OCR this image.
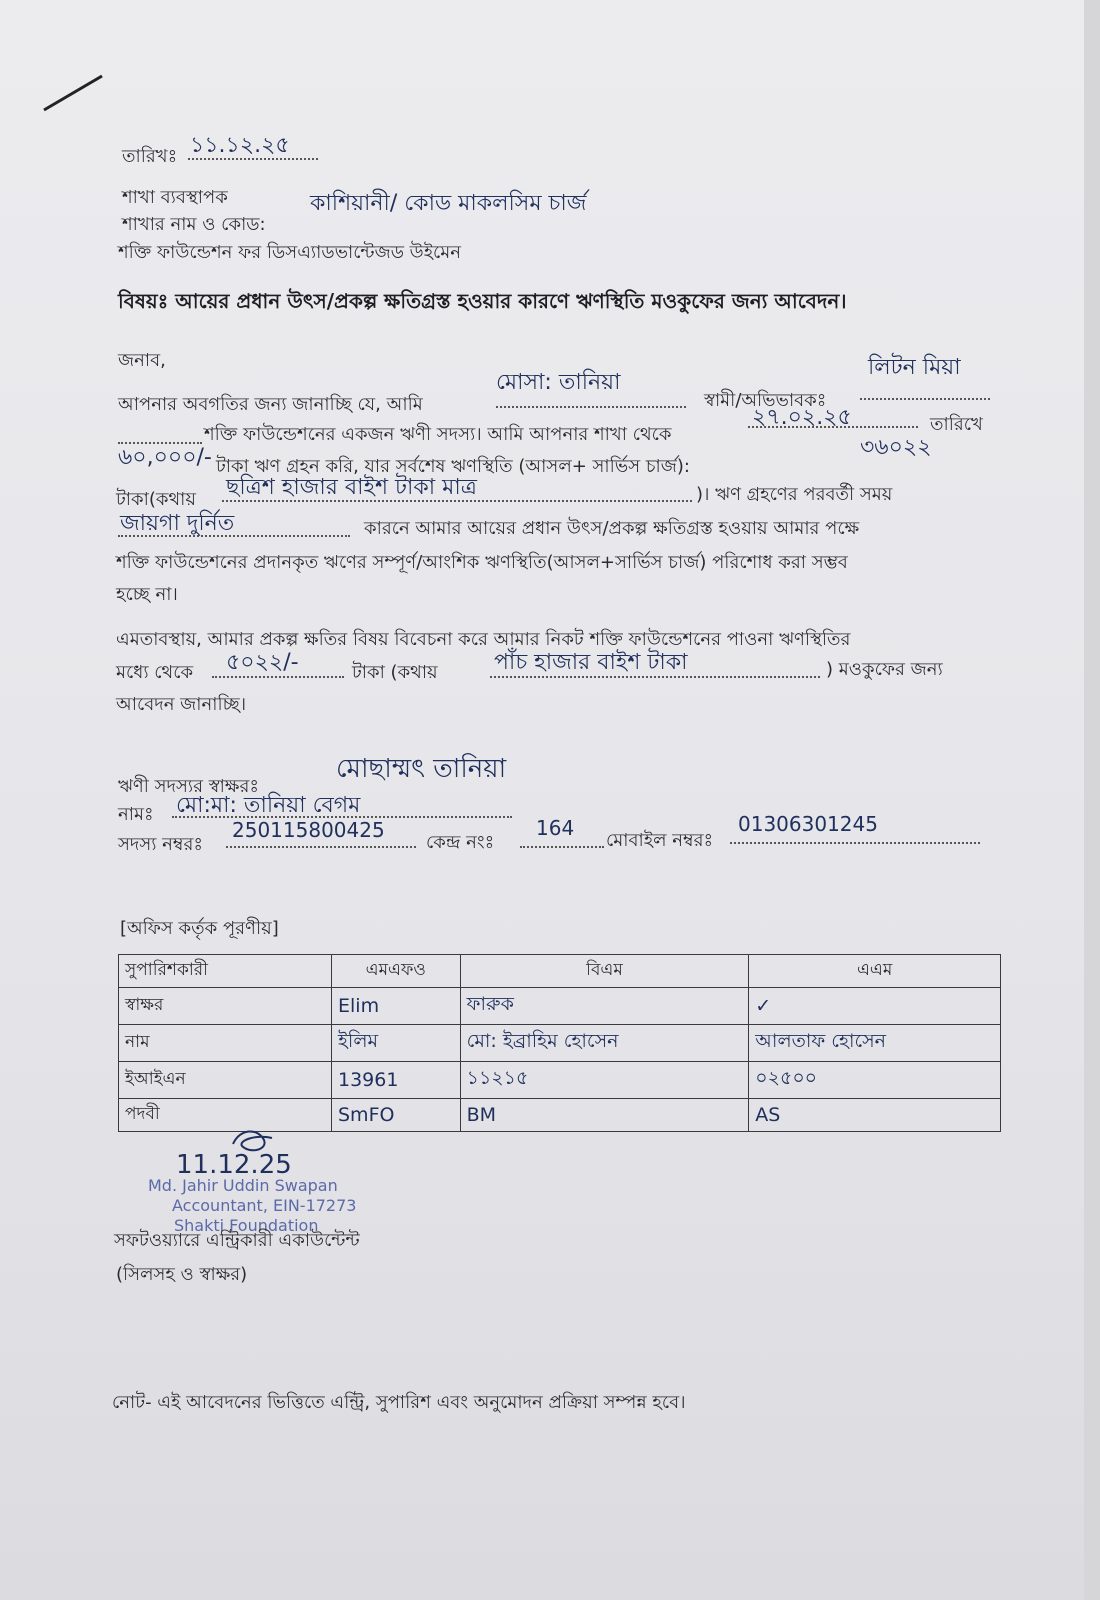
তারিখঃ ১১.১২.২৫
শাখা ব্যবস্থাপক
শাখার নাম ও কোড:
কাশিয়ানী/ কোড মাকলসিম চার্জ
শক্তি ফাউন্ডেশন ফর ডিসএ্যাডভান্টেজড উইমেন
বিষয়ঃ আয়ের প্রধান উৎস/প্রকল্প ক্ষতিগ্রস্ত হওয়ার কারণে ঋণস্থিতি মওকুফের জন্য আবেদন।
জনাব,
আপনার অবগতির জন্য জানাচ্ছি যে, আমি
মোসা: তানিয়া
স্বামী/অভিভাবকঃ
লিটন মিয়া
শক্তি ফাউন্ডেশনের একজন ঋণী সদস্য। আমি আপনার শাখা থেকে
২৭.০২.২৫	তারিখে
৬০,০০০/- টাকা ঋণ গ্রহন করি, যার সর্বশেষ ঋণস্থিতি (আসল+ সার্ভিস চার্জ):
৩৬০২২
টাকা(কথায় ছত্রিশ হাজার বাইশ টাকা মাত্র	)। ঋণ গ্রহণের পরবর্তী সময়
জায়গা দুর্নিত	কারনে আমার আয়ের প্রধান উৎস/প্রকল্প ক্ষতিগ্রস্ত হওয়ায় আমার পক্ষে
শক্তি ফাউন্ডেশনের প্রদানকৃত ঋণের সম্পূর্ণ/আংশিক ঋণস্থিতি(আসল+সার্ভিস চার্জ) পরিশোধ করা সম্ভব
হচ্ছে না।
এমতাবস্থায়, আমার প্রকল্প ক্ষতির বিষয় বিবেচনা করে আমার নিকট শক্তি ফাউন্ডেশনের পাওনা ঋণস্থিতির
মধ্যে থেকে ৫০২২/-	টাকা (কথায়	পাঁচ হাজার বাইশ টাকা	) মওকুফের জন্য
আবেদন জানাচ্ছি।
ঋণী সদস্যর স্বাক্ষরঃ
মোছাম্মৎ তানিয়া
নামঃ মো:মা: তানিয়া বেগম
সদস্য নম্বরঃ
250115800425
কেন্দ্র নংঃ
164
মোবাইল নম্বরঃ
01306301245
[অফিস কর্তৃক পূরণীয়]
সুপারিশকারী	এমএফও	বিএম	এএম
স্বাক্ষর	Elim	ফারুক	✓
নাম	ইলিম	মো: ইব্রাহিম হোসেন	আলতাফ হোসেন
ইআইএন	13961	১১২১৫	০২৫০০
পদবী	SmFO	BM	AS
11.12.25
Md. Jahir Uddin Swapan
Accountant, EIN-17273
Shakti Foundation
সফটওয়্যারে এন্ট্রিকারী একাউন্টেন্ট
(সিলসহ ও স্বাক্ষর)
নোট- এই আবেদনের ভিত্তিতে এন্ট্রি, সুপারিশ এবং অনুমোদন প্রক্রিয়া সম্পন্ন হবে।
